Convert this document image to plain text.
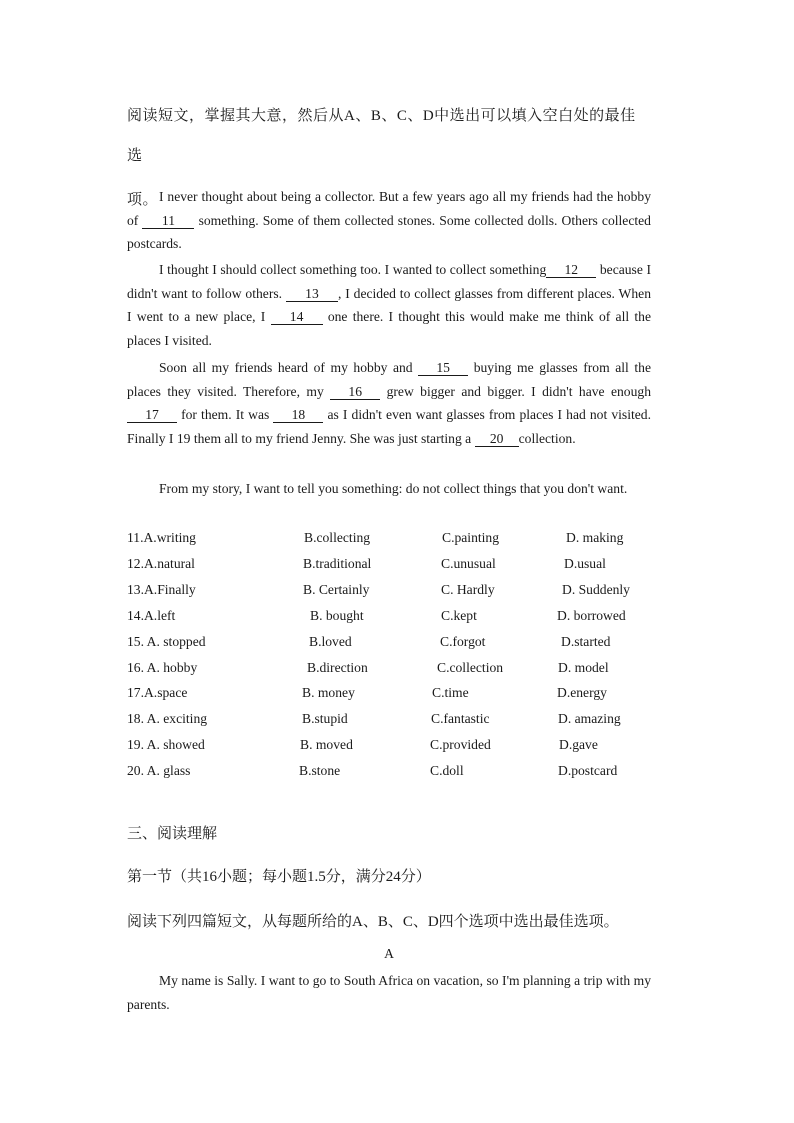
阅读短文，掌握其大意，然后从A、B、C、D中选出可以填入空白处的最佳选
项。 I never thought about being a collector. But a few years ago all my friends had the hobby of 11 something. Some of them collected stones. Some collected dolls. Others collected postcards.
I thought I should collect something too. I wanted to collect something 12 because I didn't want to follow others. 13 , I decided to collect glasses from different places. When I went to a new place, I 14 one there. I thought this would make me think of all the places I visited.
Soon all my friends heard of my hobby and 15 buying me glasses from all the places they visited. Therefore, my 16 grew bigger and bigger. I didn't have enough17 for them. It was 18 as I didn't even want glasses from places I had not visited. Finally I 19 them all to my friend Jenny. She was just starting a 20 collection.
From my story, I want to tell you something: do not collect things that you don't want.
11.A.writing	B.collecting	C.painting	D. making
12.A.natural	B.traditional	C.unusual	D.usual
13.A.Finally	B. Certainly	C. Hardly	D. Suddenly
14.A.left	B. bought	C.kept	D. borrowed
15. A. stopped	B.loved	C.forgot	D.started
16. A. hobby	B.direction	C.collection	D. model
17.A.space	B. money	C.time	D.energy
18. A. exciting	B.stupid	C.fantastic	D. amazing
19. A. showed	B. moved	C.provided	D.gave
20. A. glass	B.stone	C.doll	D.postcard
三、阅读理解
第一节（共16小题；每小题1.5分，满分24分）
阅读下列四篇短文，从每题所给的A、B、C、D四个选项中选出最佳选项。
A
My name is Sally. I want to go to South Africa on vacation, so I'm planning a trip with my parents.
